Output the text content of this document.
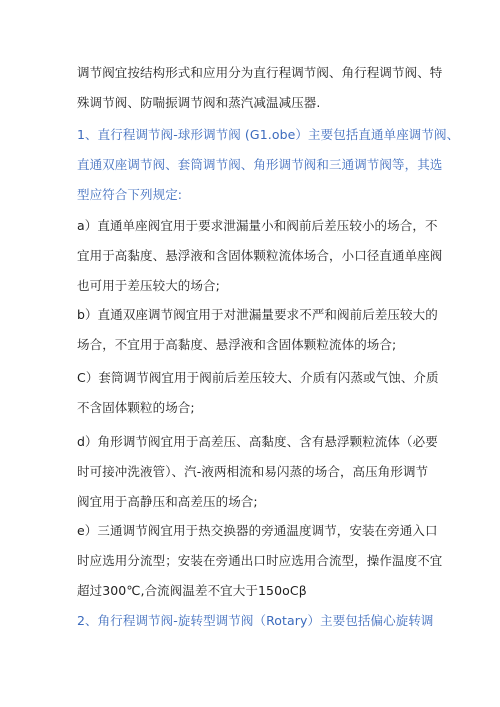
调节阀宜按结构形式和应用分为直行程调节阀、角行程调节阀、特
殊调节阀、防喘振调节阀和蒸汽减温减压器.
1、直行程调节阀-球形调节阀 (G1.obe）主要包括直通单座调节阀、
直通双座调节阀、套筒调节阀、角形调节阀和三通调节阀等，其选
型应符合下列规定:
a）直通单座阀宜用于要求泄漏量小和阀前后差压较小的场合，不
宜用于高黏度、悬浮液和含固体颗粒流体场合，小口径直通单座阀
也可用于差压较大的场合;
b）直通双座调节阀宜用于对泄漏量要求不严和阀前后差压较大的
场合，不宜用于高黏度、悬浮液和含固体颗粒流体的场合;
C）套筒调节阀宜用于阀前后差压较大、介质有闪蒸或气蚀、介质
不含固体颗粒的场合;
d）角形调节阀宜用于高差压、高黏度、含有悬浮颗粒流体（必要
时可接冲洗液管）、汽-液两相流和易闪蒸的场合，高压角形调节
阀宜用于高静压和高差压的场合;
e）三通调节阀宜用于热交换器的旁通温度调节，安装在旁通入口
时应选用分流型；安装在旁通出口时应选用合流型，操作温度不宜
超过300℃,合流阀温差不宜大于150oCβ
2、角行程调节阀-旋转型调节阀（Rotary）主要包括偏心旋转调
